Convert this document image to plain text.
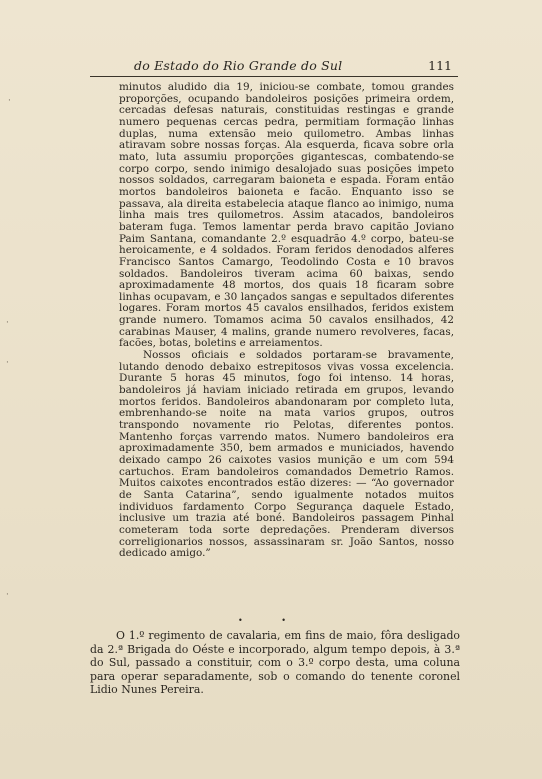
do Estado do Rio Grande do Sul	111

minutos aludido dia 19, iniciou-se combate, tomou grandes proporções, ocupando bandoleiros posições primeira ordem, cercadas defesas naturais, constituidas restingas e grande numero pequenas cercas pedra, permitiam formação linhas duplas, numa extensão meio quilometro. Ambas linhas atiravam sobre nossas forças. Ala esquerda, ficava sobre orla mato, luta assumiu proporções gigantescas, combatendo-se corpo corpo, sendo inimigo desalojado suas posições impeto nossos soldados, carregaram baioneta e espada. Foram então mortos bandoleiros baioneta e facão. Enquanto isso se passava, ala direita estabelecia ataque flanco ao inimigo, numa linha mais tres quilometros. Assim atacados, bandoleiros bateram fuga. Temos lamentar perda bravo capitão Joviano Paim Santana, comandante 2.º esquadrão 4.º corpo, bateu-se heroicamente, e 4 soldados. Foram feridos denodados alferes Francisco Santos Camargo, Teodolindo Costa e 10 bravos soldados. Bandoleiros tiveram acima 60 baixas, sendo aproximadamente 48 mortos, dos quais 18 ficaram sobre linhas ocupavam, e 30 lançados sangas e sepultados diferentes logares. Foram mortos 45 cavalos ensilhados, feridos existem grande numero. Tomamos acima 50 cavalos ensilhados, 42 carabinas Mauser, 4 malins, grande numero revolveres, facas, facões, botas, boletins e arreiamentos.

Nossos oficiais e soldados portaram-se bravamente, lutando denodo debaixo estrepitosos vivas vossa excelencia. Durante 5 horas 45 minutos, fogo foi intenso. 14 horas, bandoleiros já haviam iniciado retirada em grupos, levando mortos feridos. Bandoleiros abandonaram por completo luta, embrenhando-se noite na mata varios grupos, outros transpondo novamente rio Pelotas, diferentes pontos. Mantenho forças varrendo matos. Numero bandoleiros era aproximadamente 350, bem armados e municiados, havendo deixado campo 26 caixotes vasios munição e um com 594 cartuchos. Eram bandoleiros comandados Demetrio Ramos. Muitos caixotes encontrados estão dizeres: — “Ao governador de Santa Catarina”, sendo igualmente notados muitos individuos fardamento Corpo Segurança daquele Estado, inclusive um trazia até boné. Bandoleiros passagem Pinhal cometeram toda sorte depredações. Prenderam diversos correligionarios nossos, assassinaram sr. João Santos, nosso dedicado amigo.”

• •

O 1.º regimento de cavalaria, em fins de maio, fôra desligado da 2.ª Brigada do Oéste e incorporado, algum tempo depois, à 3.ª do Sul, passado a constituir, com o 3.º corpo desta, uma coluna para operar separadamente, sob o comando do tenente coronel Lidio Nunes Pereira.

·
·
·
·
